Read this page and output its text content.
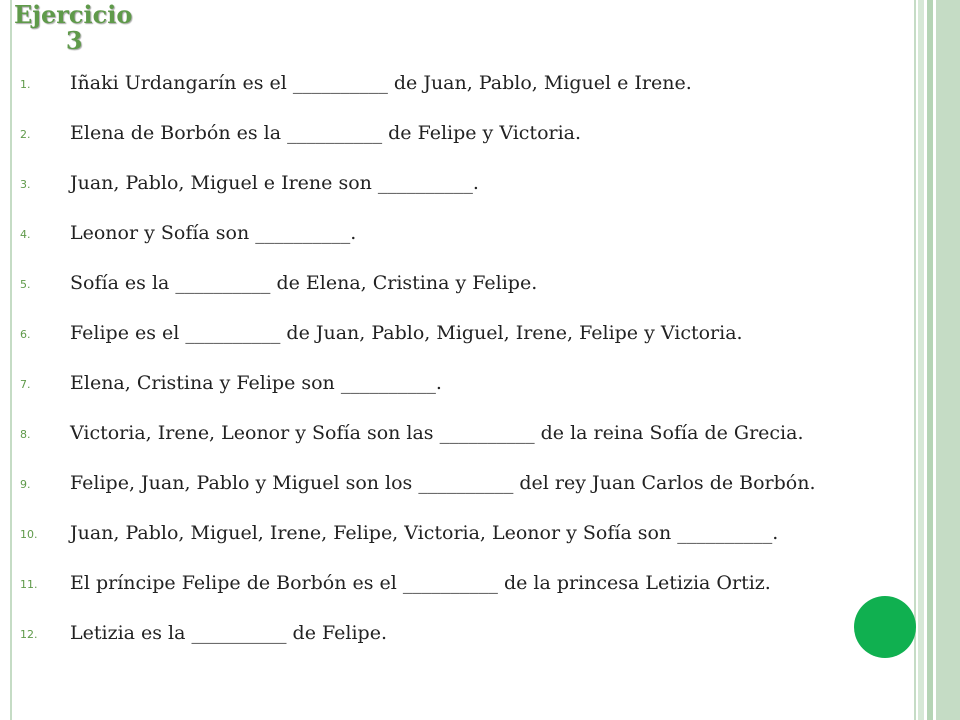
Ejercicio
3
1.	Iñaki Urdangarín es el __________ de Juan, Pablo, Miguel e Irene.
2.	Elena de Borbón es la __________ de Felipe y Victoria.
3.	Juan, Pablo, Miguel e Irene son __________.
4.	Leonor y Sofía son __________.
5.	Sofía es la __________ de Elena, Cristina y Felipe.
6.	Felipe es el __________ de Juan, Pablo, Miguel, Irene, Felipe y Victoria.
7.	Elena, Cristina y Felipe son __________.
8.	Victoria, Irene, Leonor y Sofía son las __________ de la reina Sofía de Grecia.
9.	Felipe, Juan, Pablo y Miguel son los __________ del rey Juan Carlos de Borbón.
10.	Juan, Pablo, Miguel, Irene, Felipe, Victoria, Leonor y Sofía son __________.
11.	El príncipe Felipe de Borbón es el __________ de la princesa Letizia Ortiz.
12.	Letizia es la __________ de Felipe.
